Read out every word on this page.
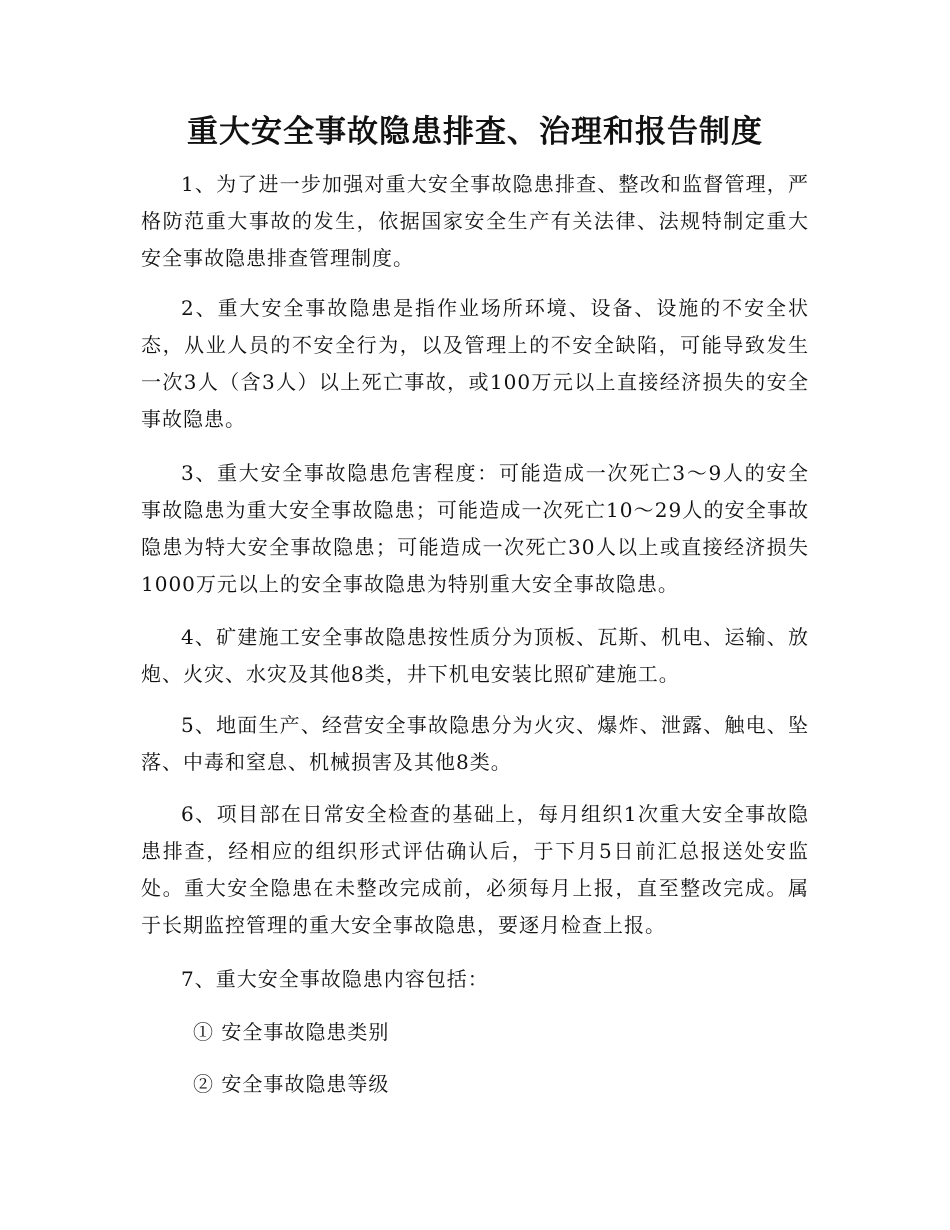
重大安全事故隐患排查、治理和报告制度

1、为了进一步加强对重大安全事故隐患排查、整改和监督管理，严格防范重大事故的发生，依据国家安全生产有关法律、法规特制定重大安全事故隐患排查管理制度。

2、重大安全事故隐患是指作业场所环境、设备、设施的不安全状态，从业人员的不安全行为，以及管理上的不安全缺陷，可能导致发生一次3人（含3人）以上死亡事故，或100万元以上直接经济损失的安全事故隐患。

3、重大安全事故隐患危害程度：可能造成一次死亡3～9人的安全事故隐患为重大安全事故隐患；可能造成一次死亡10～29人的安全事故隐患为特大安全事故隐患；可能造成一次死亡30人以上或直接经济损失1000万元以上的安全事故隐患为特别重大安全事故隐患。

4、矿建施工安全事故隐患按性质分为顶板、瓦斯、机电、运输、放炮、火灾、水灾及其他8类，井下机电安装比照矿建施工。

5、地面生产、经营安全事故隐患分为火灾、爆炸、泄露、触电、坠落、中毒和窒息、机械损害及其他8类。

6、项目部在日常安全检查的基础上，每月组织1次重大安全事故隐患排查，经相应的组织形式评估确认后，于下月5日前汇总报送处安监处。重大安全隐患在未整改完成前，必须每月上报，直至整改完成。属于长期监控管理的重大安全事故隐患，要逐月检查上报。

7、重大安全事故隐患内容包括：

① 安全事故隐患类别

② 安全事故隐患等级
